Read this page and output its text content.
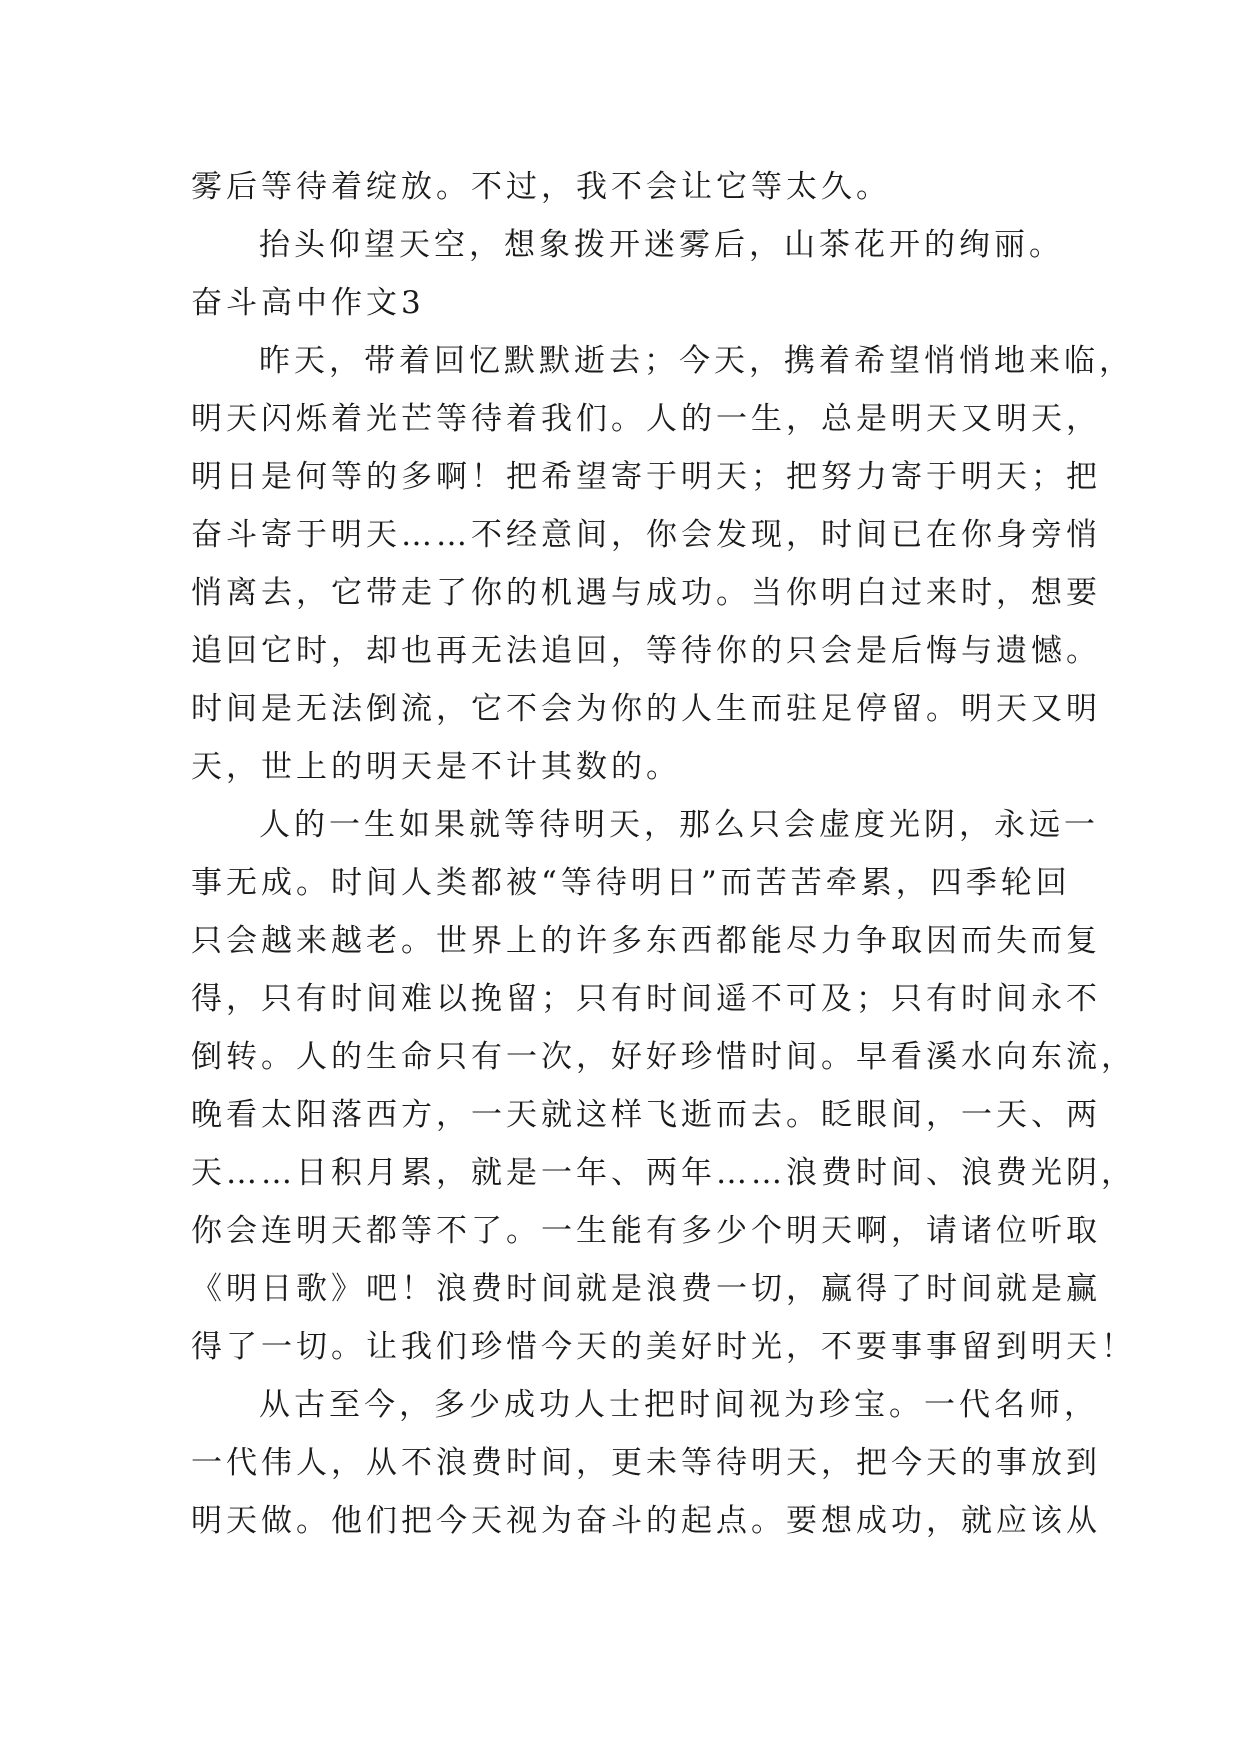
雾后等待着绽放。不过，我不会让它等太久。
抬头仰望天空，想象拨开迷雾后，山茶花开的绚丽。
奋斗高中作文3
昨天，带着回忆默默逝去；今天，携着希望悄悄地来临，
明天闪烁着光芒等待着我们。人的一生，总是明天又明天，
明日是何等的多啊！把希望寄于明天；把努力寄于明天；把
奋斗寄于明天……不经意间，你会发现，时间已在你身旁悄
悄离去，它带走了你的机遇与成功。当你明白过来时，想要
追回它时，却也再无法追回，等待你的只会是后悔与遗憾。
时间是无法倒流，它不会为你的人生而驻足停留。明天又明
天，世上的明天是不计其数的。
人的一生如果就等待明天，那么只会虚度光阴，永远一
事无成。时间人类都被“等待明日”而苦苦牵累，四季轮回
只会越来越老。世界上的许多东西都能尽力争取因而失而复
得，只有时间难以挽留；只有时间遥不可及；只有时间永不
倒转。人的生命只有一次，好好珍惜时间。早看溪水向东流，
晚看太阳落西方，一天就这样飞逝而去。眨眼间，一天、两
天……日积月累，就是一年、两年……浪费时间、浪费光阴，
你会连明天都等不了。一生能有多少个明天啊，请诸位听取
《明日歌》吧！浪费时间就是浪费一切，赢得了时间就是赢
得了一切。让我们珍惜今天的美好时光，不要事事留到明天！
从古至今，多少成功人士把时间视为珍宝。一代名师，
一代伟人，从不浪费时间，更未等待明天，把今天的事放到
明天做。他们把今天视为奋斗的起点。要想成功，就应该从
